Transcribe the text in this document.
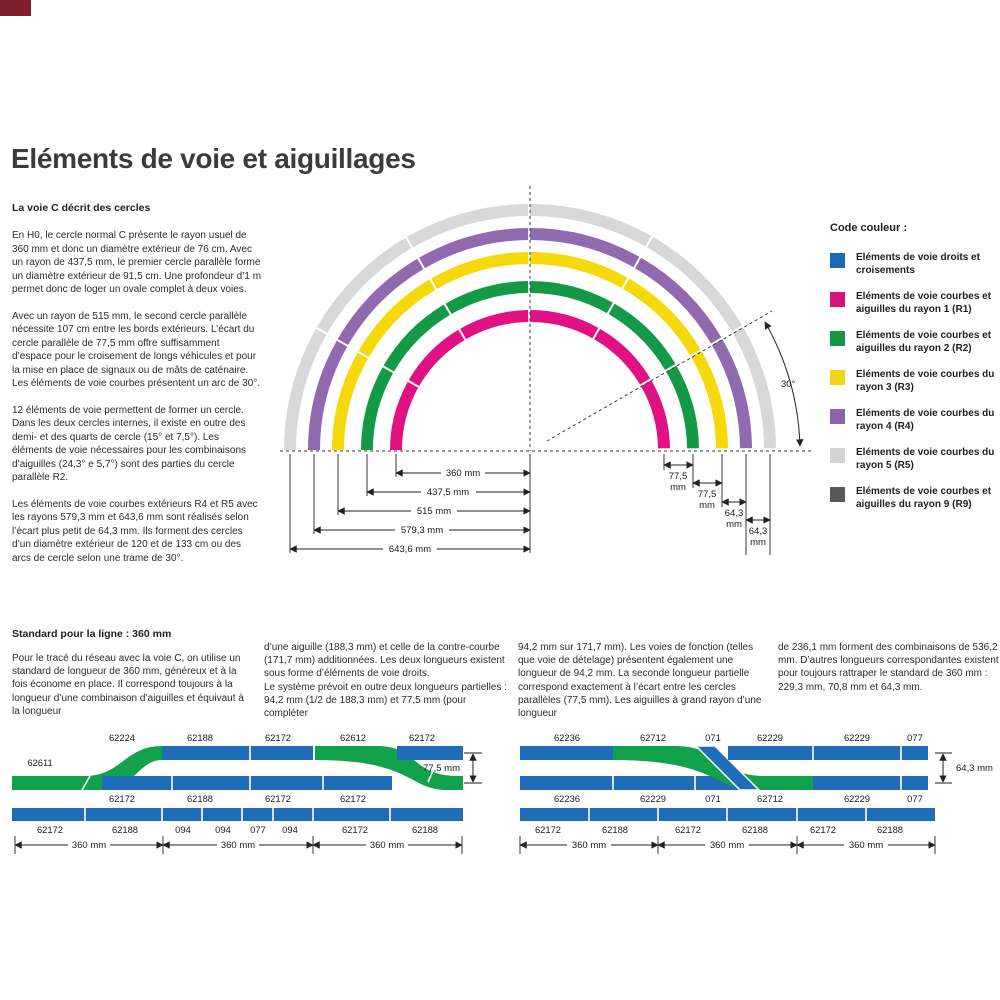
Eléments de voie et aiguillages
La voie C décrit des cercles

En H0, le cercle normal C présente le rayon usuel de 360 mm et donc un diamètre extérieur de 76 cm. Avec un rayon de 437,5 mm, le premier cercle parallèle forme un diamètre extérieur de 91,5 cm. Une profondeur d’1 m permet donc de loger un ovale complet à deux voies.

Avec un rayon de 515 mm, le second cercle parallèle nécessite 107 cm entre les bords extérieurs. L’écart du cercle parallèle de 77,5 mm offre suffisamment d’espace pour le croisement de longs véhicules et pour la mise en place de signaux ou de mâts de caténaire. Les éléments de voie courbes présentent un arc de 30°.

12 éléments de voie permettent de former un cercle. Dans les deux cercles internes, il existe en outre des demi- et des quarts de cercle (15° et 7,5°). Les éléments de voie nécessaires pour les combinaisons d’aiguilles (24,3° e 5,7°) sont des parties du cercle parallèle R2.

Les éléments de voie courbes extérieurs R4 et R5 avec les rayons 579,3 mm et 643,6 mm sont réalisés selon l’écart plus petit de 64,3 mm. Ils forment des cercles d’un diamètre extérieur de 120 et de 133 cm ou des arcs de cercle selon une trame de 30°.

30°
360 mm
437,5 mm
515 mm
579,3 mm
643,6 mm
77,5
mm
77,5
mm
64,3
mm
64,3
mm
Code couleur :
Eléments de voie droits et croisements
Eléments de voie courbes et aiguilles du rayon 1 (R1)
Eléments de voie courbes et aiguilles du rayon 2 (R2)
Eléments de voie courbes du rayon 3 (R3)
Eléments de voie courbes du rayon 4 (R4)
Eléments de voie courbes du rayon 5 (R5)
Eléments de voie courbes et aiguilles du rayon 9 (R9)
Standard pour la ligne : 360 mm

Pour le tracé du réseau avec la voie C, on utilise un standard de longueur de 360 mm, généreux et à la fois économe en place. Il correspond toujours à la longueur d’une combinaison d’aiguilles et équivaut à la longueur

d’une aiguille (188,3 mm) et celle de la contre-courbe (171,7 mm) additionnées. Les deux longueurs existent sous forme d’éléments de voie droits.

Le système prévoit en outre deux longueurs partielles : 94,2 mm (1/2 de 188,3 mm) et 77,5 mm (pour compléter

94,2 mm sur 171,7 mm). Les voies de fonction (telles que voie de dételage) présentent également une longueur de 94,2 mm. La seconde longueur partielle correspond exactement à l’écart entre les cercles parallèles (77,5 mm). Les aiguilles à grand rayon d’une longueur

de 236,1 mm forment des combinaisons de 536,2 mm. D’autres longueurs correspondantes existent pour toujours rattraper le standard de 360 mm : 229,3 mm, 70,8 mm et 64,3 mm.

62611
62224	62188	62172	62612	62172
62172	62188	62172	62172
62172	62188	094	094 077 094	62172	62188
77,5 mm
360 mm	360 mm	360 mm
62236	62712	071	62229	62229	077
62236	62229	071	62712	62229	077
62172	62188	62172	62188	62172	62188
64,3 mm
360 mm	360 mm	360 mm
